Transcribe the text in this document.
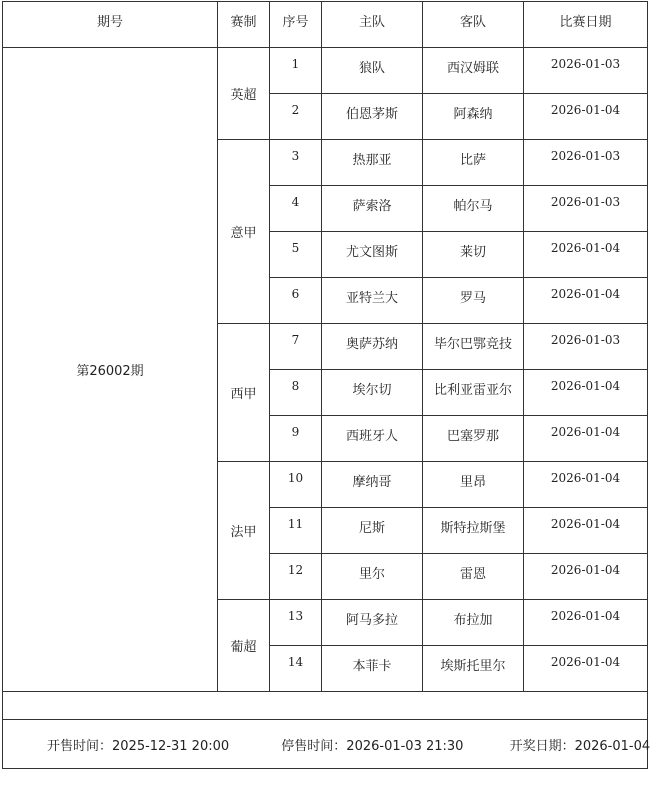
期号	赛制	序号	主队	客队	比赛日期
第26002期	英超	1	狼队	西汉姆联	2026-01-03
		2	伯恩茅斯	阿森纳	2026-01-04
	意甲	3	热那亚	比萨	2026-01-03
		4	萨索洛	帕尔马	2026-01-03
		5	尤文图斯	莱切	2026-01-04
		6	亚特兰大	罗马	2026-01-04
	西甲	7	奥萨苏纳	毕尔巴鄂竞技	2026-01-03
		8	埃尔切	比利亚雷亚尔	2026-01-04
		9	西班牙人	巴塞罗那	2026-01-04
	法甲	10	摩纳哥	里昂	2026-01-04
		11	尼斯	斯特拉斯堡	2026-01-04
		12	里尔	雷恩	2026-01-04
	葡超	13	阿马多拉	布拉加	2026-01-04
		14	本菲卡	埃斯托里尔	2026-01-04

开售时间：2025-12-31 20:00 停售时间：2026-01-03 21:30 开奖日期：2026-01-04					
